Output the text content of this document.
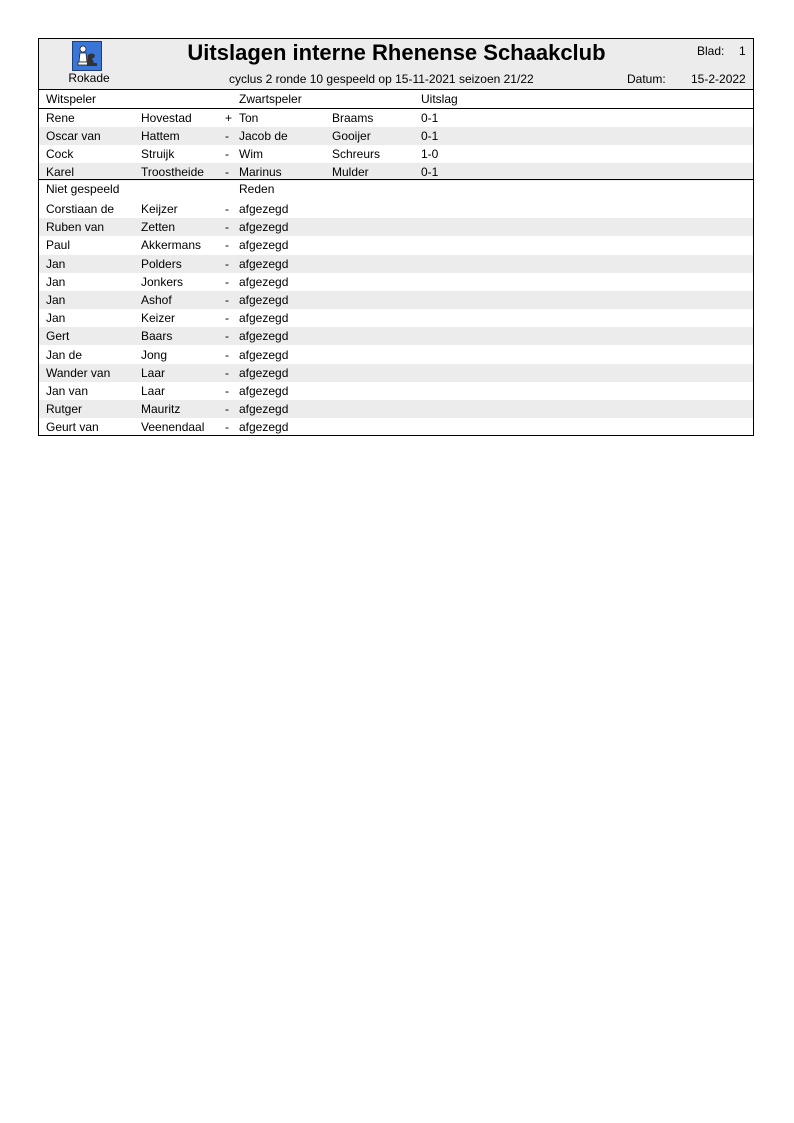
Rokade
Uitslagen interne Rhenense Schaakclub	Blad: 1
cyclus 2 ronde 10 gespeeld op 15-11-2021 seizoen 21/22	Datum: 15-2-2022
Witspeler	Zwartspeler	Uitslag
Rene	Hovestad	+ Ton	Braams	0-1
Oscar van	Hattem	- Jacob de	Gooijer	0-1
Cock	Struijk	- Wim	Schreurs	1-0
Karel	Troostheide - Marinus	Mulder	0-1
Niet gespeeld	Reden
Corstiaan de Keijzer	- afgezegd
Ruben van	Zetten	- afgezegd
Paul	Akkermans - afgezegd
Jan	Polders	- afgezegd
Jan	Jonkers	- afgezegd
Jan	Ashof	- afgezegd
Jan	Keizer	- afgezegd
Gert	Baars	- afgezegd
Jan de	Jong	- afgezegd
Wander van	Laar	- afgezegd
Jan van	Laar	- afgezegd
Rutger	Mauritz	- afgezegd
Geurt van	Veenendaal - afgezegd
